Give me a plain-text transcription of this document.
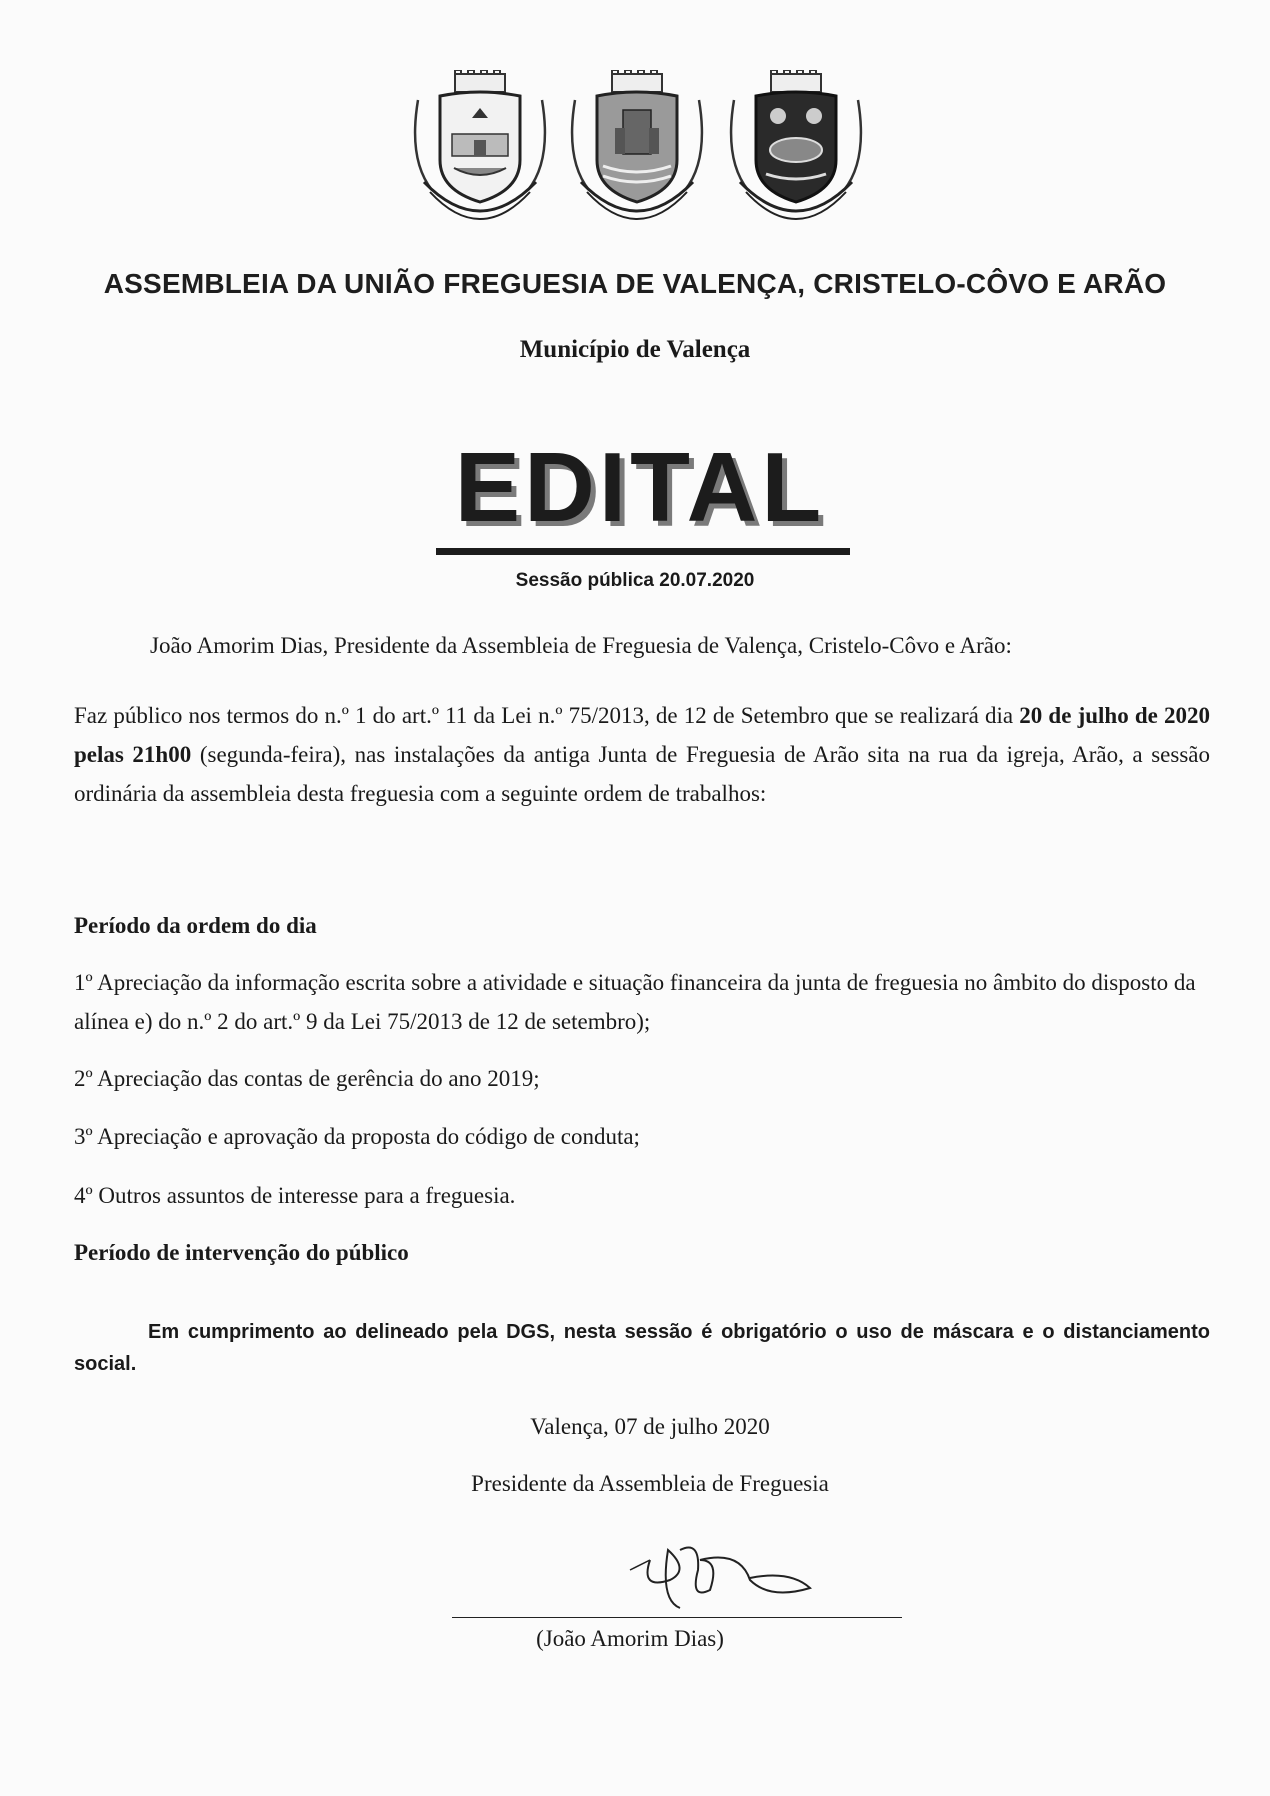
ASSEMBLEIA DA UNIÃO FREGUESIA DE VALENÇA, CRISTELO-CÔVO E ARÃO
Município de Valença
EDITAL
Sessão pública 20.07.2020
João Amorim Dias, Presidente da Assembleia de Freguesia de Valença, Cristelo-Côvo e Arão:
Faz público nos termos do n.º 1 do art.º 11 da Lei n.º 75/2013, de 12 de Setembro que se realizará dia 20 de julho de 2020 pelas 21h00 (segunda-feira), nas instalações da antiga Junta de Freguesia de Arão sita na rua da igreja, Arão, a sessão ordinária da assembleia desta freguesia com a seguinte ordem de trabalhos:
Período da ordem do dia
1º Apreciação da informação escrita sobre a atividade e situação financeira da junta de freguesia no âmbito do disposto da alínea e) do n.º 2 do art.º 9 da Lei 75/2013 de 12 de setembro);
2º Apreciação das contas de gerência do ano 2019;
3º Apreciação e aprovação da proposta do código de conduta;
4º Outros assuntos de interesse para a freguesia.
Período de intervenção do público
Em cumprimento ao delineado pela DGS, nesta sessão é obrigatório o uso de máscara e o distanciamento social.
Valença, 07 de julho 2020
Presidente da Assembleia de Freguesia
(João Amorim Dias)
